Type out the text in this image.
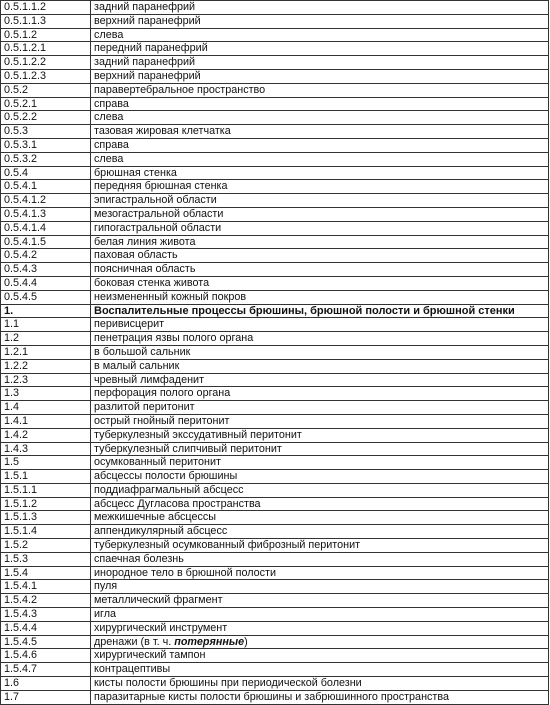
0.5.1.1.2	задний паранефрий
0.5.1.1.3	верхний паранефрий
0.5.1.2	слева
0.5.1.2.1	передний паранефрий
0.5.1.2.2	задний паранефрий
0.5.1.2.3	верхний паранефрий
0.5.2	паравертебральное пространство
0.5.2.1	справа
0.5.2.2	слева
0.5.3	тазовая жировая клетчатка
0.5.3.1	справа
0.5.3.2	слева
0.5.4	брюшная стенка
0.5.4.1	передняя брюшная стенка
0.5.4.1.2	эпигастральной области
0.5.4.1.3	мезогастральной области
0.5.4.1.4	гипогастральной области
0.5.4.1.5	белая линия живота
0.5.4.2	паховая область
0.5.4.3	поясничная область
0.5.4.4	боковая стенка живота
0.5.4.5	неизмененный кожный покров
1.	Воспалительные процессы брюшины, брюшной полости и брюшной стенки
1.1	перивисцерит
1.2	пенетрация язвы полого органа
1.2.1	в большой сальник
1.2.2	в малый сальник
1.2.3	чревный лимфаденит
1.3	перфорация полого органа
1.4	разлитой перитонит
1.4.1	острый гнойный перитонит
1.4.2	туберкулезный экссудативный перитонит
1.4.3	туберкулезный слипчивый перитонит
1.5	осумкованный перитонит
1.5.1	абсцессы полости брюшины
1.5.1.1	поддиафрагмальный абсцесс
1.5.1.2	абсцесс Дугласова пространства
1.5.1.3	межкишечные абсцессы
1.5.1.4	аппендикулярный абсцесс
1.5.2	туберкулезный осумкованный фиброзный перитонит
1.5.3	спаечная болезнь
1.5.4	инородное тело в брюшной полости
1.5.4.1	пуля
1.5.4.2	металлический фрагмент
1.5.4.3	игла
1.5.4.4	хирургический инструмент
1.5.4.5	дренажи (в т. ч. потерянные)
1.5.4.6	хирургический тампон
1.5.4.7	контрацептивы
1.6	кисты полости брюшины при периодической болезни
1.7	паразитарные кисты полости брюшины и забрюшинного пространства
